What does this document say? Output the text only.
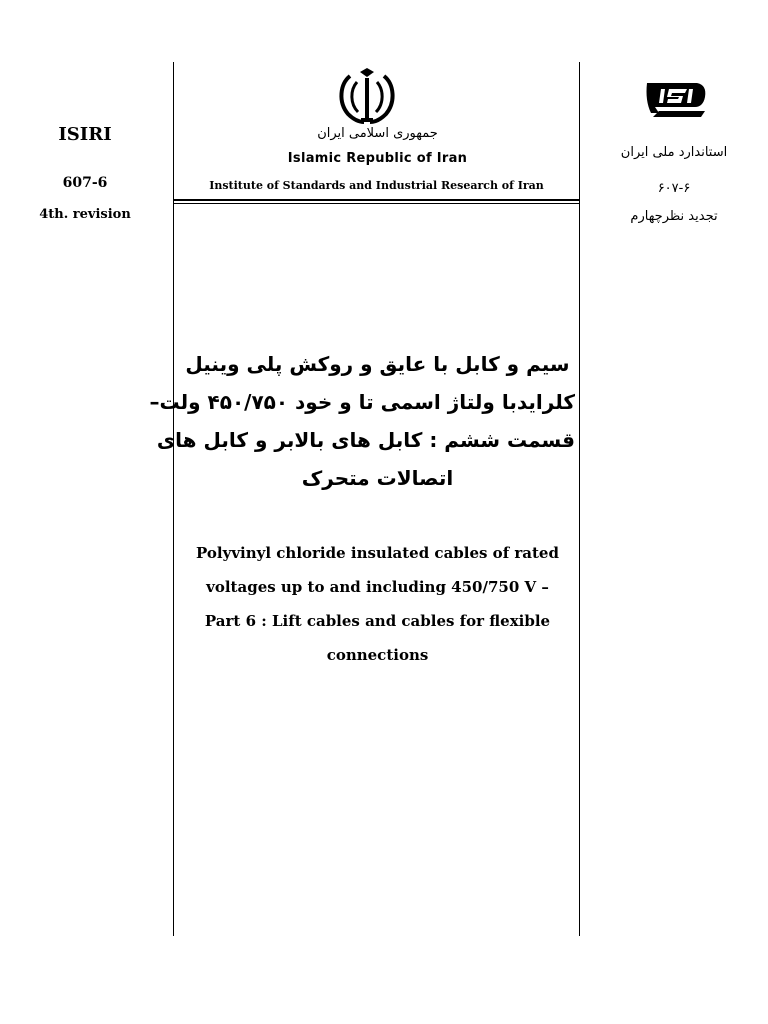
ISIRI
607-6
4th. revision
جمهوری اسلامی ایران
Islamic Republic of Iran
Institute of Standards and Industrial Research of Iran
استاندارد ملی ایران
۶۰۷-۶
تجدید نظرچهارم
سیم و کابل با عایق و روکش پلی وینیل
کلرایدبا ولتاژ اسمی تا و خود ۴۵۰/۷۵۰ ولت–
قسمت ششم : کابل های بالابر و کابل های
اتصالات متحرک
Polyvinyl chloride insulated cables of rated
voltages up to and including 450/750 V –
Part 6 : Lift cables and cables for flexible
connections
